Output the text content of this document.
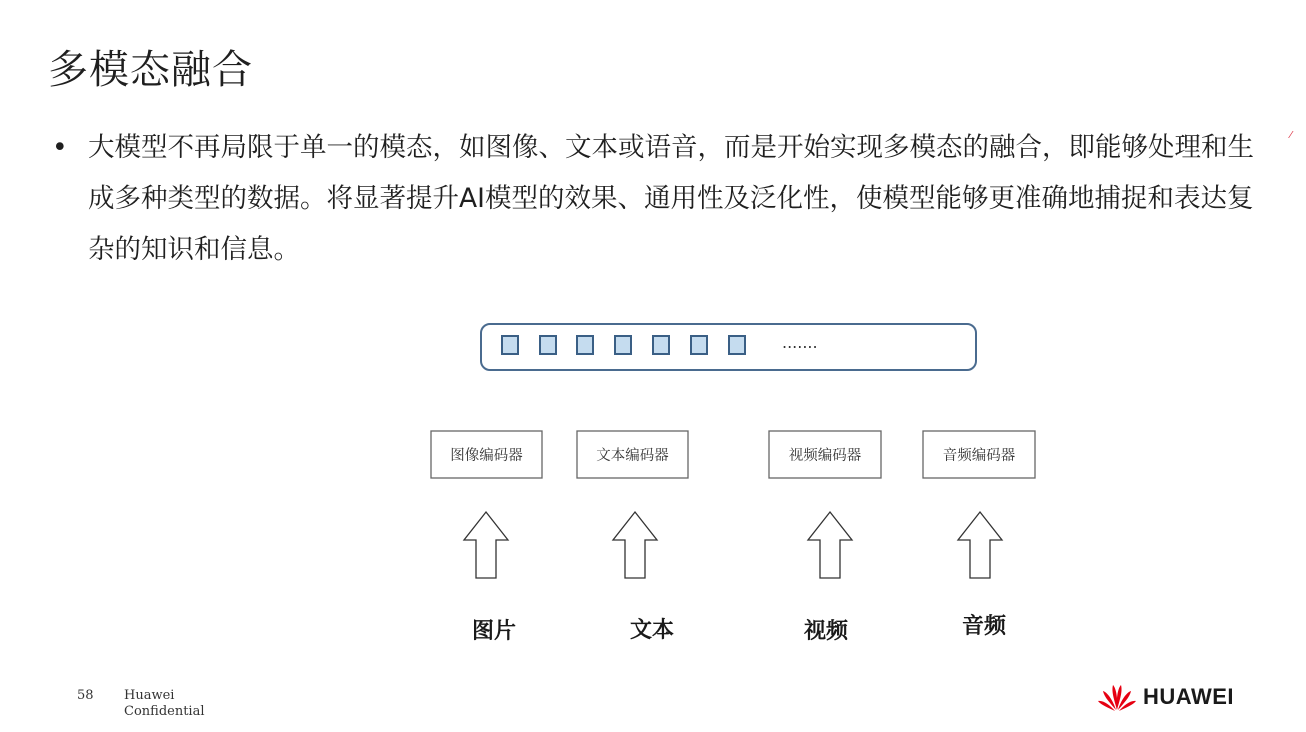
多模态融合
• 大模型不再局限于单一的模态，如图像、文本或语音，而是开始实现多模态的融合，即能够处理和生成多种类型的数据。将显著提升AI模型的效果、通用性及泛化性，使模型能够更准确地捕捉和表达复杂的知识和信息。
⁄
.......
图像编码器	文本编码器	视频编码器	音频编码器
图片	文本	视频	音频
58 Huawei
Confidential
HUAWEI
